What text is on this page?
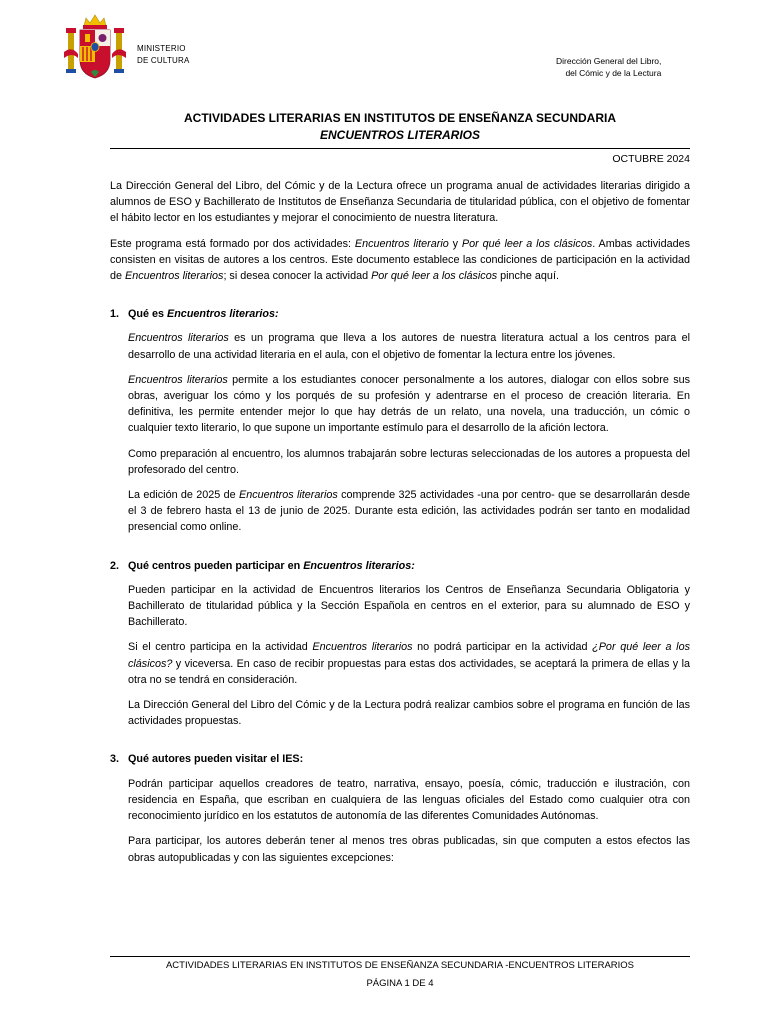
MINISTERIO
DE CULTURA	Dirección General del Libro,
del Cómic y de la Lectura
ACTIVIDADES LITERARIAS EN INSTITUTOS DE ENSEÑANZA SECUNDARIA
ENCUENTROS LITERARIOS
OCTUBRE 2024

La Dirección General del Libro, del Cómic y de la Lectura ofrece un programa anual de actividades literarias dirigido a alumnos de ESO y Bachillerato de Institutos de Enseñanza Secundaria de titularidad pública, con el objetivo de fomentar el hábito lector en los estudiantes y mejorar el conocimiento de nuestra literatura.

Este programa está formado por dos actividades: Encuentros literario y Por qué leer a los clásicos. Ambas actividades consisten en visitas de autores a los centros. Este documento establece las condiciones de participación en la actividad de Encuentros literarios; si desea conocer la actividad Por qué leer a los clásicos pinche aquí.

1. Qué es Encuentros literarios:

Encuentros literarios es un programa que lleva a los autores de nuestra literatura actual a los centros para el desarrollo de una actividad literaria en el aula, con el objetivo de fomentar la lectura entre los jóvenes.

Encuentros literarios permite a los estudiantes conocer personalmente a los autores, dialogar con ellos sobre sus obras, averiguar los cómo y los porqués de su profesión y adentrarse en el proceso de creación literaria. En definitiva, les permite entender mejor lo que hay detrás de un relato, una novela, una traducción, un cómic o cualquier texto literario, lo que supone un importante estímulo para el desarrollo de la afición lectora.

Como preparación al encuentro, los alumnos trabajarán sobre lecturas seleccionadas de los autores a propuesta del profesorado del centro.

La edición de 2025 de Encuentros literarios comprende 325 actividades -una por centro- que se desarrollarán desde el 3 de febrero hasta el 13 de junio de 2025. Durante esta edición, las actividades podrán ser tanto en modalidad presencial como online.

2. Qué centros pueden participar en Encuentros literarios:

Pueden participar en la actividad de Encuentros literarios los Centros de Enseñanza Secundaria Obligatoria y Bachillerato de titularidad pública y la Sección Española en centros en el exterior, para su alumnado de ESO y Bachillerato.

Si el centro participa en la actividad Encuentros literarios no podrá participar en la actividad ¿Por qué leer a los clásicos? y viceversa. En caso de recibir propuestas para estas dos actividades, se aceptará la primera de ellas y la otra no se tendrá en consideración.

La Dirección General del Libro del Cómic y de la Lectura podrá realizar cambios sobre el programa en función de las actividades propuestas.

3. Qué autores pueden visitar el IES:

Podrán participar aquellos creadores de teatro, narrativa, ensayo, poesía, cómic, traducción e ilustración, con residencia en España, que escriban en cualquiera de las lenguas oficiales del Estado como cualquier otra con reconocimiento jurídico en los estatutos de autonomía de las diferentes Comunidades Autónomas.

Para participar, los autores deberán tener al menos tres obras publicadas, sin que computen a estos efectos las obras autopublicadas y con las siguientes excepciones:

ACTIVIDADES LITERARIAS EN INSTITUTOS DE ENSEÑANZA SECUNDARIA -ENCUENTROS LITERARIOS
PÁGINA 1 DE 4
